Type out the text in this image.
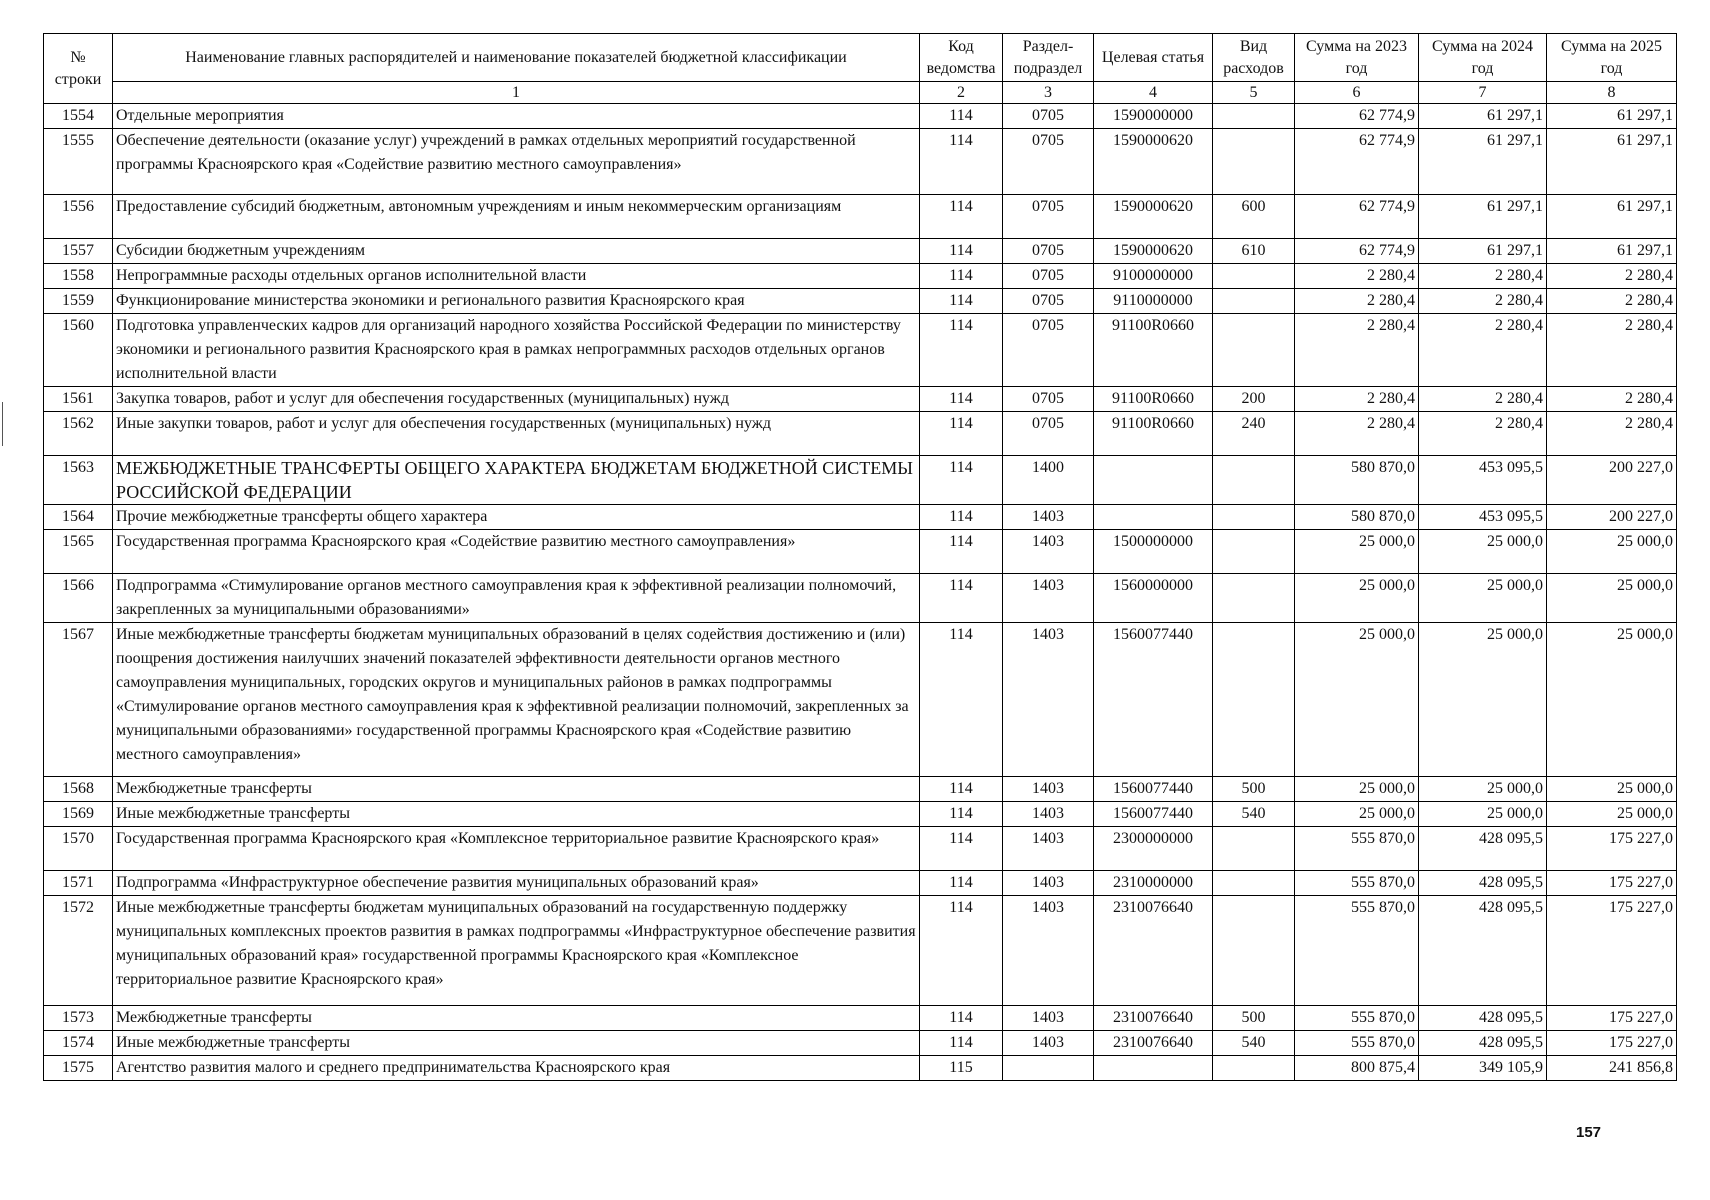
№ строки	Наименование главных распорядителей и наименование показателей бюджетной классификации	Код ведомства	Раздел-подраздел	Целевая статья	Вид расходов	Сумма на 2023 год	Сумма на 2024 год	Сумма на 2025 год
	1	2	3	4	5	6	7	8
1554	Отдельные мероприятия	114	0705	1590000000		62 774,9	61 297,1	61 297,1
1555	Обеспечение деятельности (оказание услуг) учреждений в рамках отдельных мероприятий государственной программы Красноярского края «Содействие развитию местного самоуправления»	114	0705	1590000620		62 774,9	61 297,1	61 297,1
1556	Предоставление субсидий бюджетным, автономным учреждениям и иным некоммерческим организациям	114	0705	1590000620	600	62 774,9	61 297,1	61 297,1
1557	Субсидии бюджетным учреждениям	114	0705	1590000620	610	62 774,9	61 297,1	61 297,1
1558	Непрограммные расходы отдельных органов исполнительной власти	114	0705	9100000000		2 280,4	2 280,4	2 280,4
1559	Функционирование министерства экономики и регионального развития Красноярского края	114	0705	9110000000		2 280,4	2 280,4	2 280,4
1560	Подготовка управленческих кадров для организаций народного хозяйства Российской Федерации по министерству экономики и регионального развития Красноярского края в рамках непрограммных расходов отдельных органов исполнительной власти	114	0705	91100R0660		2 280,4	2 280,4	2 280,4
1561	Закупка товаров, работ и услуг для обеспечения государственных (муниципальных) нужд	114	0705	91100R0660	200	2 280,4	2 280,4	2 280,4
1562	Иные закупки товаров, работ и услуг для обеспечения государственных (муниципальных) нужд	114	0705	91100R0660	240	2 280,4	2 280,4	2 280,4
1563	МЕЖБЮДЖЕТНЫЕ ТРАНСФЕРТЫ ОБЩЕГО ХАРАКТЕРА БЮДЖЕТАМ БЮДЖЕТНОЙ СИСТЕМЫ РОССИЙСКОЙ ФЕДЕРАЦИИ	114	1400			580 870,0	453 095,5	200 227,0
1564	Прочие межбюджетные трансферты общего характера	114	1403			580 870,0	453 095,5	200 227,0
1565	Государственная программа Красноярского края «Содействие развитию местного самоуправления»	114	1403	1500000000		25 000,0	25 000,0	25 000,0
1566	Подпрограмма «Стимулирование органов местного самоуправления края к эффективной реализации полномочий, закрепленных за муниципальными образованиями»	114	1403	1560000000		25 000,0	25 000,0	25 000,0
1567	Иные межбюджетные трансферты бюджетам муниципальных образований в целях содействия достижению и (или) поощрения достижения наилучших значений показателей эффективности деятельности органов местного самоуправления муниципальных, городских округов и муниципальных районов в рамках подпрограммы «Стимулирование органов местного самоуправления края к эффективной реализации полномочий, закрепленных за муниципальными образованиями» государственной программы Красноярского края «Содействие развитию местного самоуправления»	114	1403	1560077440		25 000,0	25 000,0	25 000,0
1568	Межбюджетные трансферты	114	1403	1560077440	500	25 000,0	25 000,0	25 000,0
1569	Иные межбюджетные трансферты	114	1403	1560077440	540	25 000,0	25 000,0	25 000,0
1570	Государственная программа Красноярского края «Комплексное территориальное развитие Красноярского края»	114	1403	2300000000		555 870,0	428 095,5	175 227,0
1571	Подпрограмма «Инфраструктурное обеспечение развития муниципальных образований края»	114	1403	2310000000		555 870,0	428 095,5	175 227,0
1572	Иные межбюджетные трансферты бюджетам муниципальных образований на государственную поддержку муниципальных комплексных проектов развития в рамках подпрограммы «Инфраструктурное обеспечение развития муниципальных образований края» государственной программы Красноярского края «Комплексное территориальное развитие Красноярского края»	114	1403	2310076640		555 870,0	428 095,5	175 227,0
1573	Межбюджетные трансферты	114	1403	2310076640	500	555 870,0	428 095,5	175 227,0
1574	Иные межбюджетные трансферты	114	1403	2310076640	540	555 870,0	428 095,5	175 227,0
1575	Агентство развития малого и среднего предпринимательства Красноярского края	115				800 875,4	349 105,9	241 856,8
157
